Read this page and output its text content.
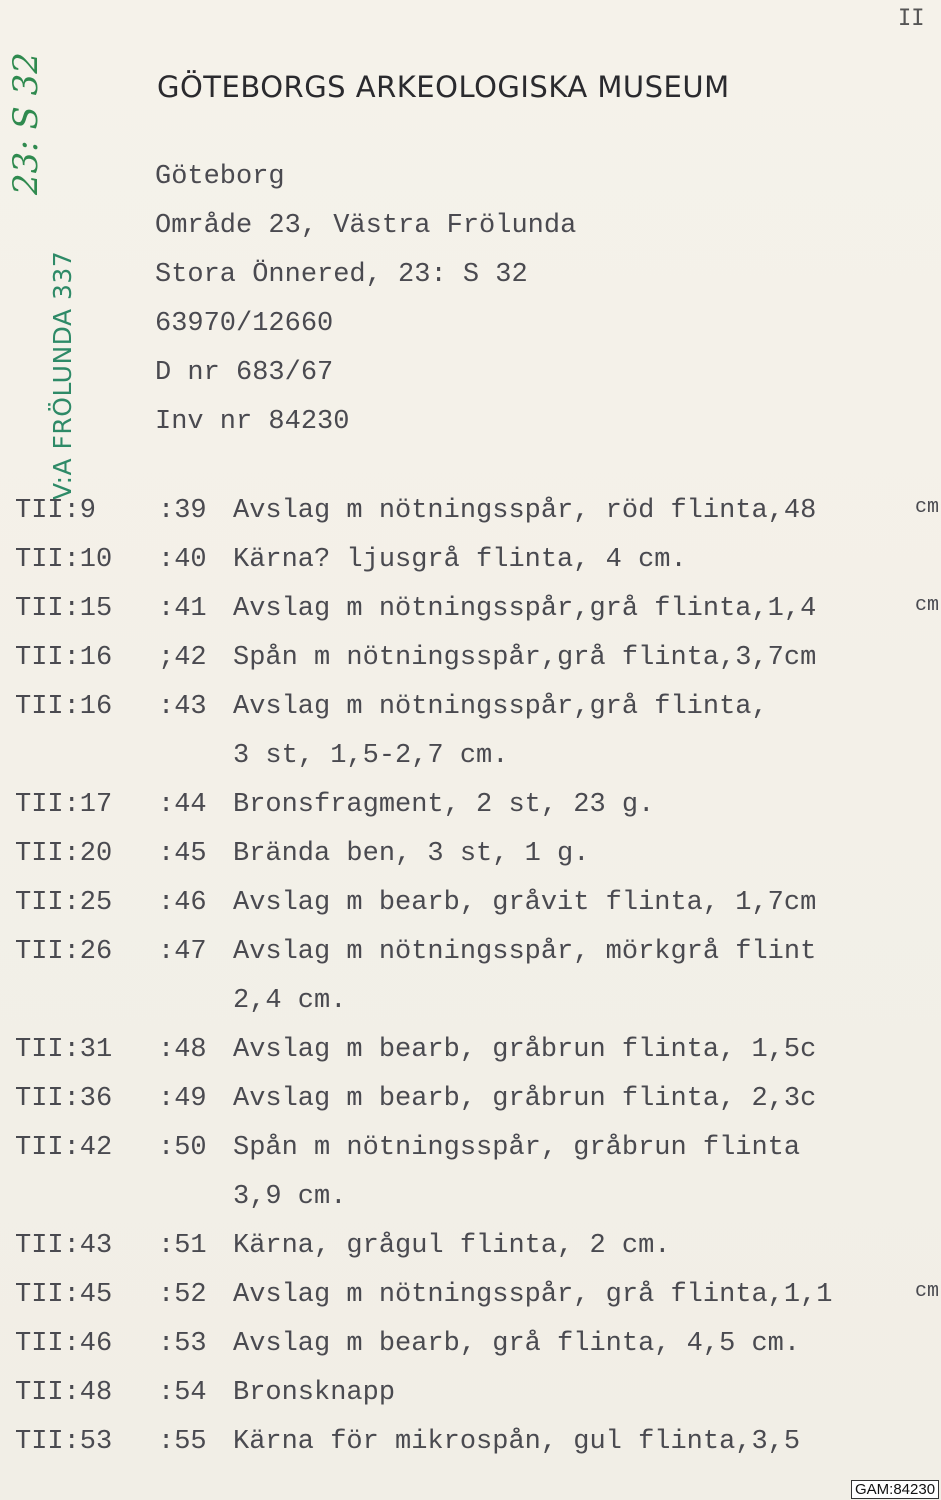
II
23: S 32
V:A FRÖLUNDA 337
GÖTEBORGS ARKEOLOGISKA MUSEUM
Göteborg
Område 23, Västra Frölunda
Stora Önnered, 23: S 32
63970/12660
D nr 683/67
Inv nr 84230
TII:9 :39 Avslag m nötningsspår, röd flinta,48	cm
TII:10 :40 Kärna? ljusgrå flinta, 4 cm.
TII:15 :41 Avslag m nötningsspår,grå flinta,1,4	cm
TII:16 ;42 Spån m nötningsspår,grå flinta,3,7cm
TII:16 :43 Avslag m nötningsspår,grå flinta,
3 st, 1,5-2,7 cm.
TII:17 :44 Bronsfragment, 2 st, 23 g.
TII:20 :45 Brända ben, 3 st, 1 g.
TII:25 :46 Avslag m bearb, gråvit flinta, 1,7cm
TII:26 :47 Avslag m nötningsspår, mörkgrå flint
2,4 cm.
TII:31 :48 Avslag m bearb, gråbrun flinta, 1,5c
TII:36 :49 Avslag m bearb, gråbrun flinta, 2,3c
TII:42 :50 Spån m nötningsspår, gråbrun flinta
3,9 cm.
TII:43 :51 Kärna, grågul flinta, 2 cm.
TII:45 :52 Avslag m nötningsspår, grå flinta,1,1	cm
TII:46 :53 Avslag m bearb, grå flinta, 4,5 cm.
TII:48 :54 Bronsknapp
TII:53 :55 Kärna för mikrospån, gul flinta,3,5
GAM:84230
